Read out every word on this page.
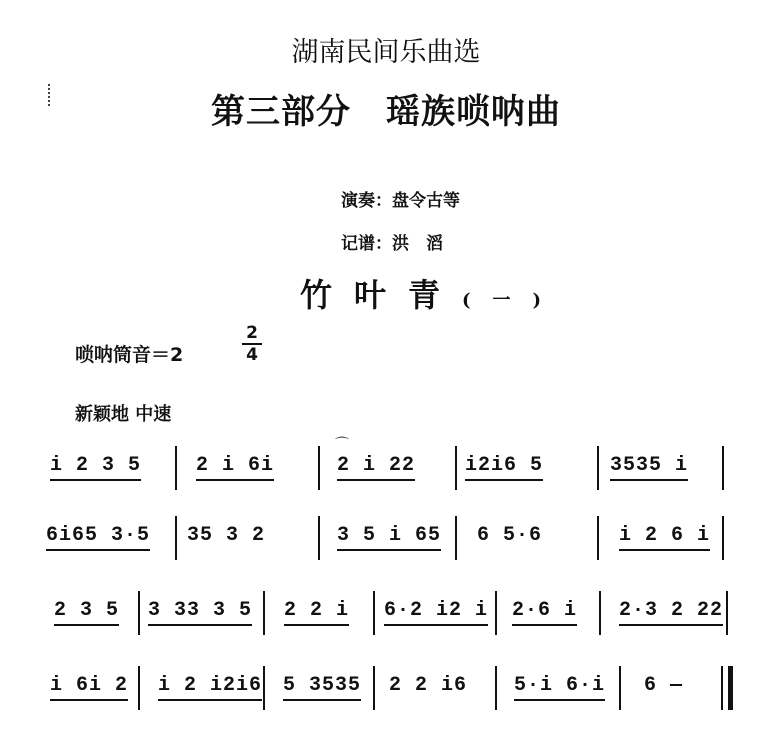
湖南民间乐曲选
第三部分　瑶族唢呐曲
演奏：盘令古等
记谱：洪　滔
竹叶青(一)
唢呐筒音＝2
2
4
新颖地 中速
i 2 3 5	2 i 6i
⌒
2 i 22 i2i6 5	3535 i
6i65 3·5 35 3 2	3 5 i 65 6 5·6	i 2 6 i
2 3 5 3 33 3 5 2 2 i 6·2 i2 i 2·6 i 2·3 2 22
i 6i 2 i 2 i2i6 5 3535 2 2 i6 5·i 6·i 6 —
